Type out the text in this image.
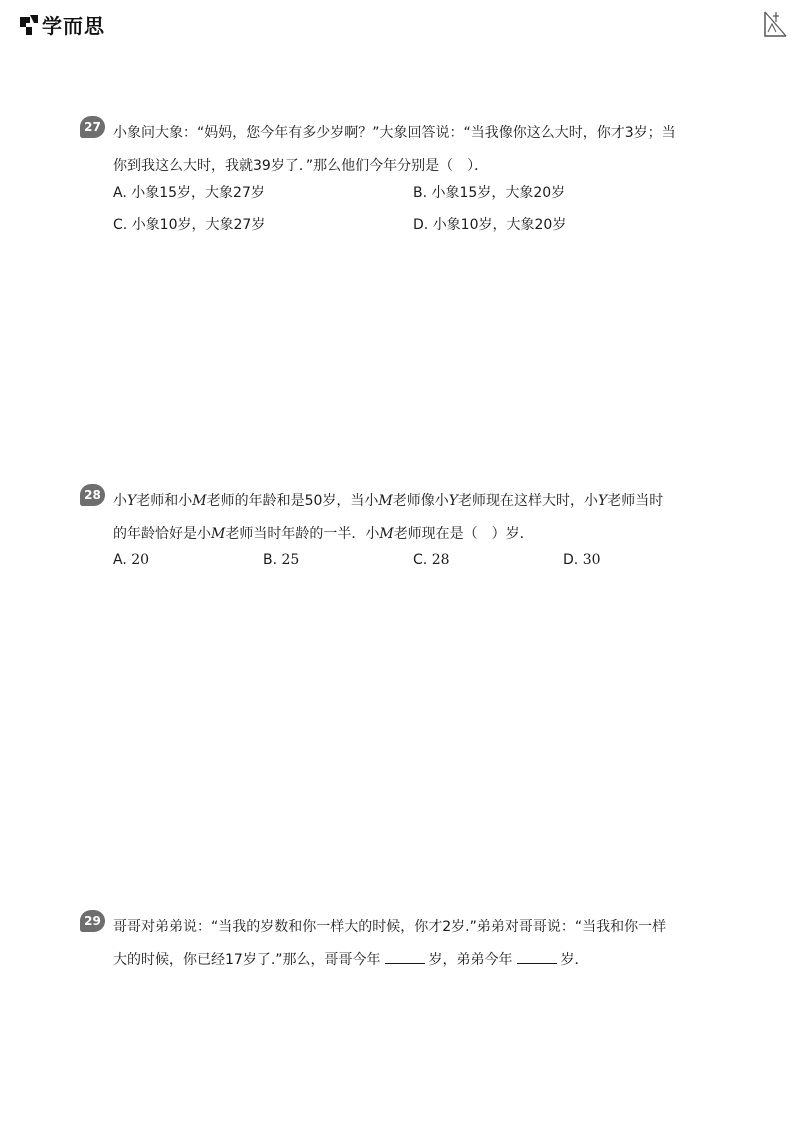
学而思
27 小象问大象：“妈妈，您今年有多少岁啊？”大象回答说：“当我像你这么大时，你才3岁；当
你到我这么大时，我就39岁了．”那么他们今年分别是（　）．
A. 小象15岁，大象27岁	B. 小象15岁，大象20岁
C. 小象10岁，大象27岁	D. 小象10岁，大象20岁
28 小Y老师和小M老师的年龄和是50岁，当小M老师像小Y老师现在这样大时，小Y老师当时
的年龄恰好是小M老师当时年龄的一半．小M老师现在是（　）岁．
A. 20	B. 25	C. 28	D. 30
29 哥哥对弟弟说：“当我的岁数和你一样大的时候，你才2岁.”弟弟对哥哥说：“当我和你一样
大的时候，你已经17岁了.”那么，哥哥今年	岁，弟弟今年	岁．
